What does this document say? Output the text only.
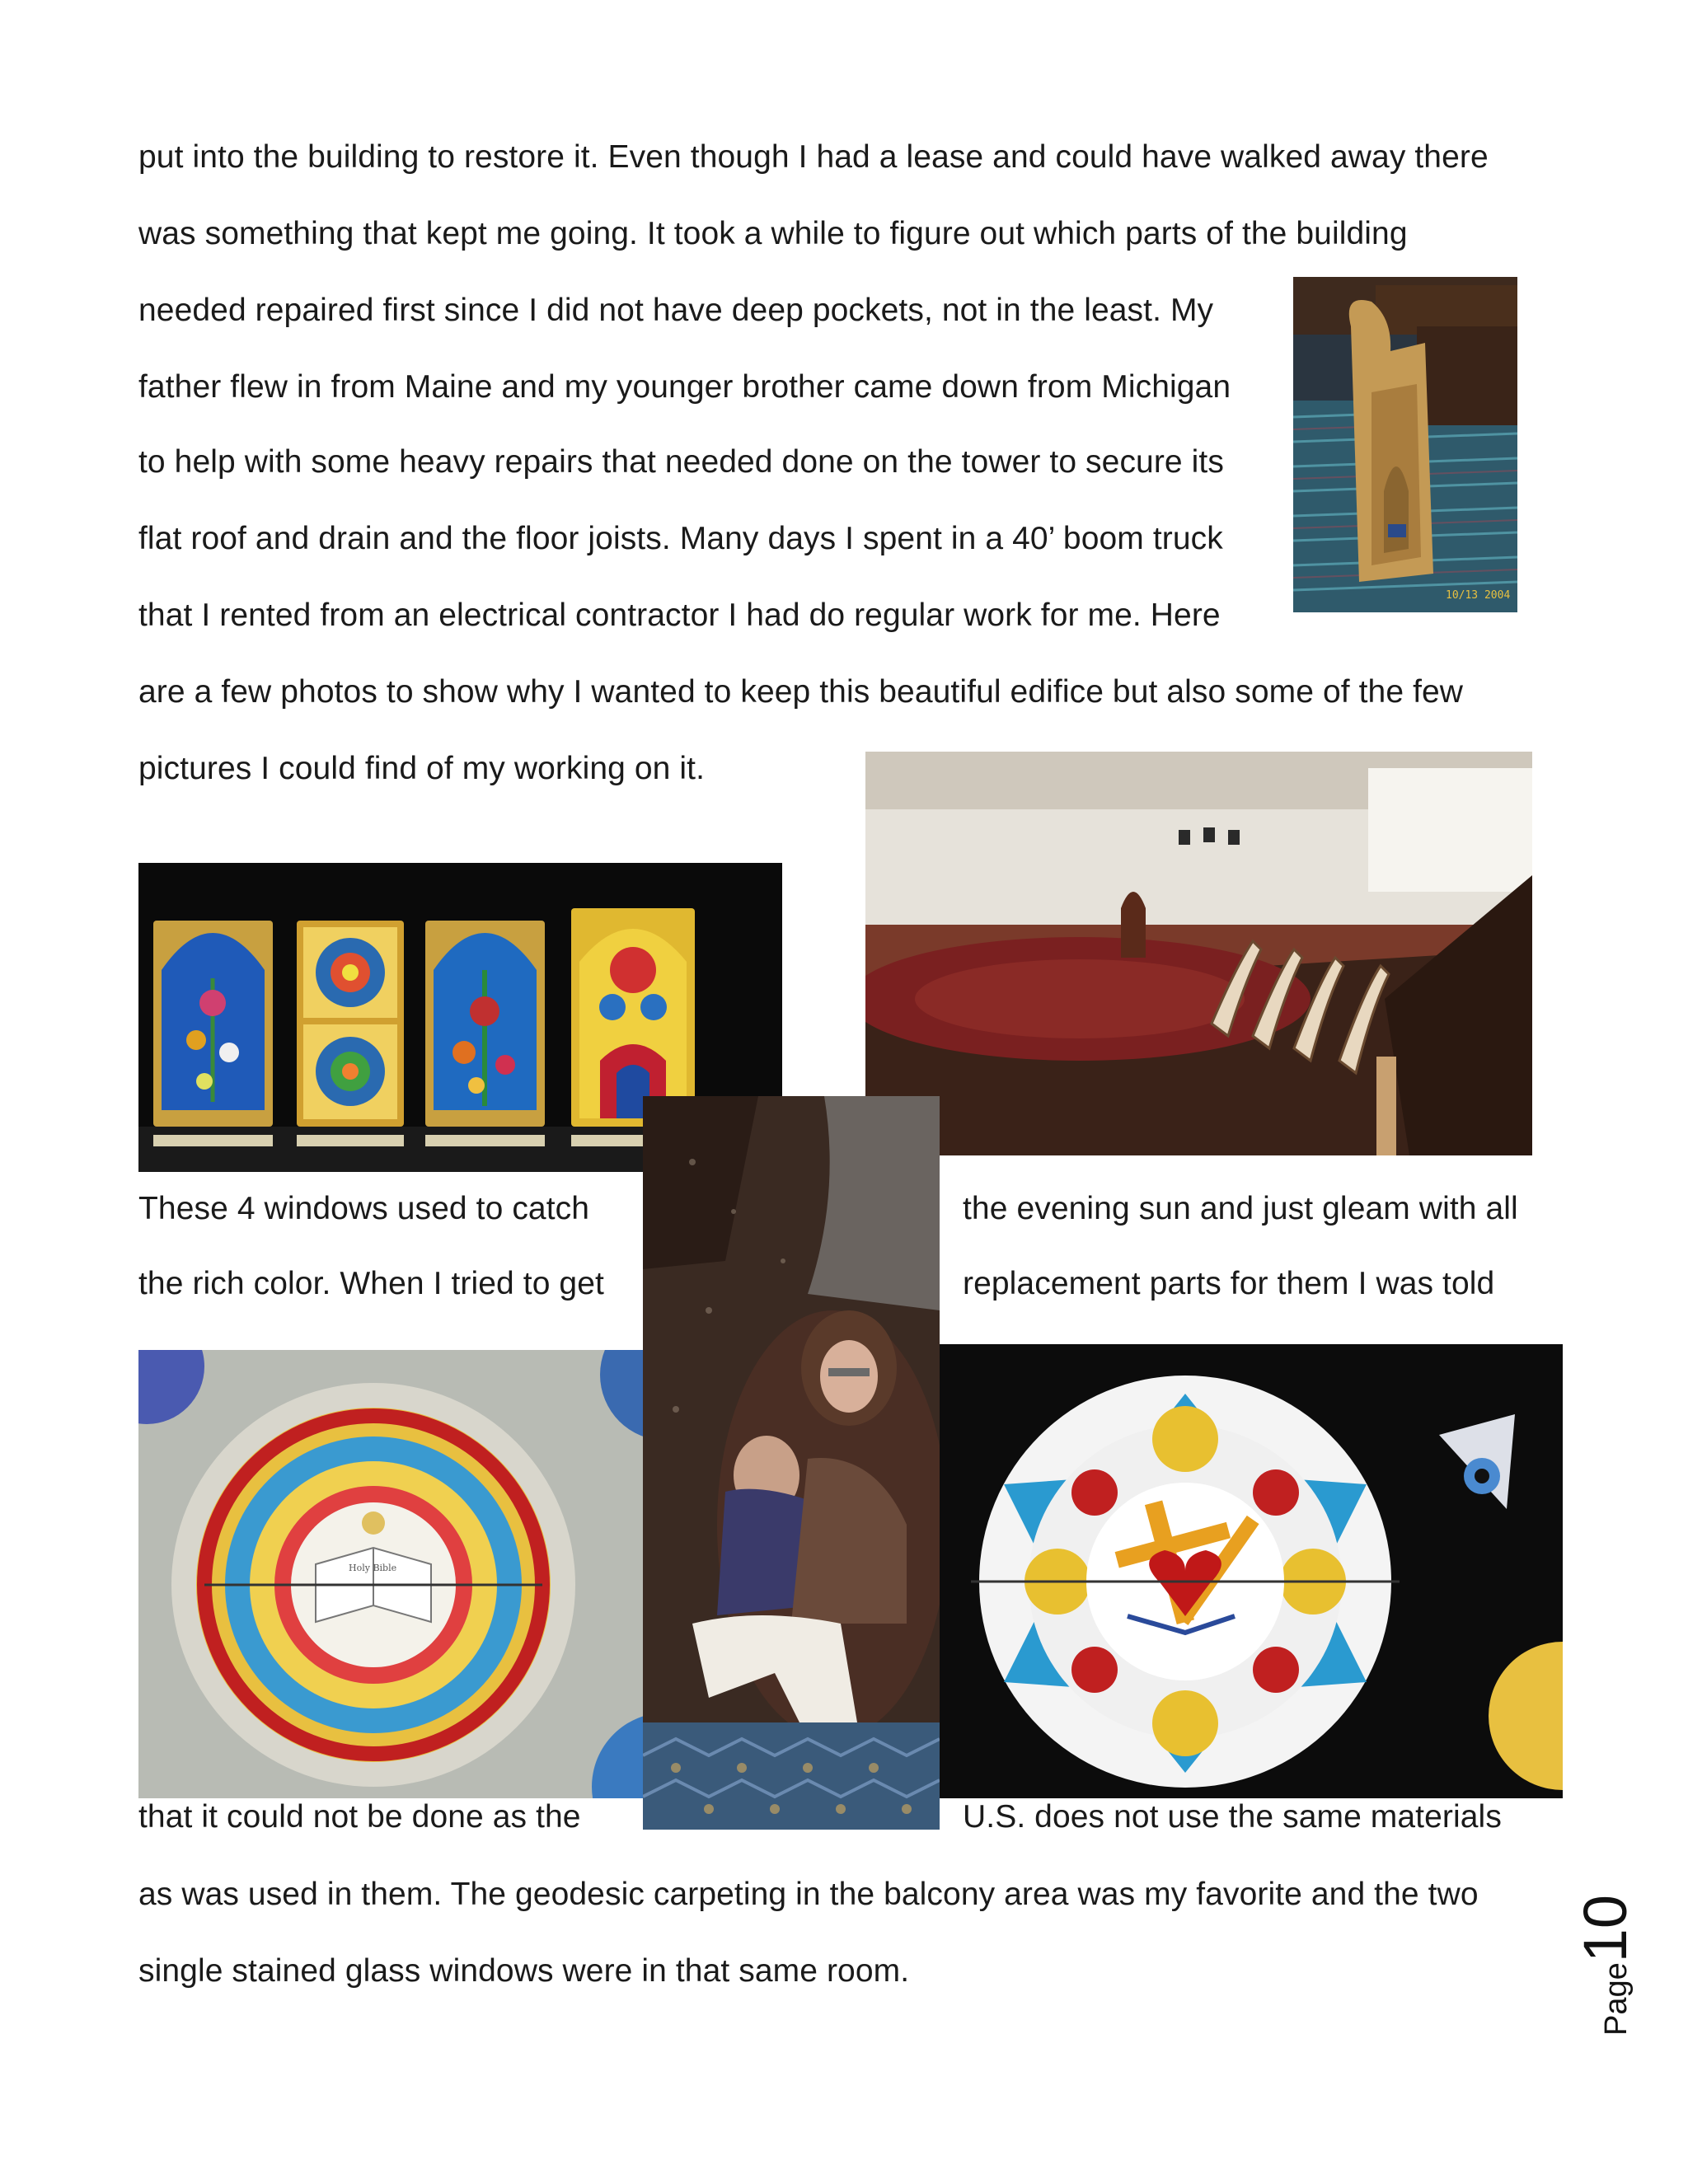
put into the building to restore it. Even though I had a lease and could have walked away there
was something that kept me going. It took a while to figure out which parts of the building
needed repaired first since I did not have deep pockets, not in the least. My
father flew in from Maine and my younger brother came down from Michigan
to help with some heavy repairs that needed done on the tower to secure its
flat roof and drain and the floor joists. Many days I spent in a 40’ boom truck
that I rented from an electrical contractor I had do regular work for me. Here
are a few photos to show why I wanted to keep this beautiful edifice but also some of the few
pictures I could find of my working on it.
These 4 windows used to catch	the evening sun and just gleam with all
the rich color. When I tried to get	replacement parts for them I was told
that it could not be done as the	U.S. does not use the same materials
as was used in them. The geodesic carpeting in the balcony area was my favorite and the two
single stained glass windows were in that same room.
10/13 2004
Holy Bible
Page10
